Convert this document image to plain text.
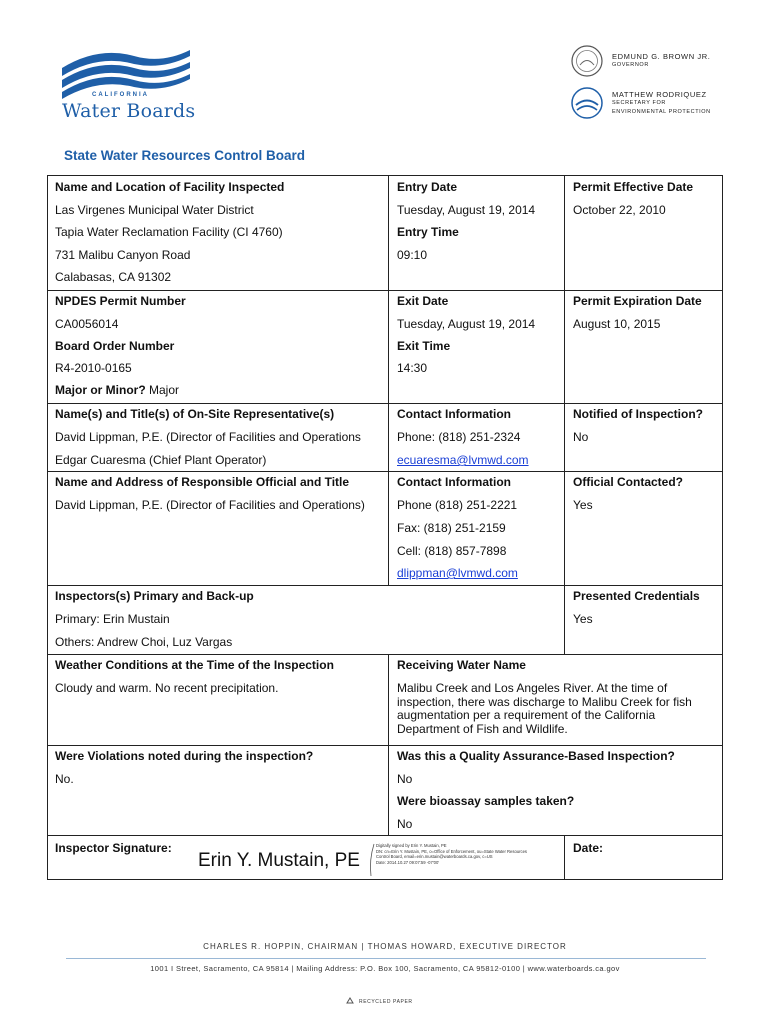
CALIFORNIA
Water Boards
EDMUND G. BROWN JR.
GOVERNOR
MATTHEW RODRIQUEZ
SECRETARY FOR
ENVIRONMENTAL PROTECTION
State Water Resources Control Board
Name and Location of Facility Inspected
Las Virgenes Municipal Water District
Tapia Water Reclamation Facility (CI 4760)
731 Malibu Canyon Road
Calabasas, CA 91302
Entry Date
Tuesday, August 19, 2014
Entry Time
09:10
Permit Effective Date
October 22, 2010
NPDES Permit Number
CA0056014
Board Order Number
R4-2010-0165
Major or Minor? Major
Exit Date
Tuesday, August 19, 2014
Exit Time
14:30
Permit Expiration Date
August 10, 2015
Name(s) and Title(s) of On-Site Representative(s)
David Lippman, P.E. (Director of Facilities and Operations
Edgar Cuaresma (Chief Plant Operator)
Contact Information
Phone: (818) 251-2324
ecuaresma@lvmwd.com
Notified of Inspection?
No
Name and Address of Responsible Official and Title
David Lippman, P.E. (Director of Facilities and Operations)
Contact Information
Phone (818) 251-2221
Fax: (818) 251-2159
Cell: (818) 857-7898
dlippman@lvmwd.com
Official Contacted?
Yes
Inspectors(s) Primary and Back-up
Primary: Erin Mustain
Others: Andrew Choi, Luz Vargas
Presented Credentials
Yes
Weather Conditions at the Time of the Inspection
Cloudy and warm. No recent precipitation.
Receiving Water Name
Malibu Creek and Los Angeles River. At the time of inspection, there was discharge to Malibu Creek for fish augmentation per a requirement of the California Department of Fish and Wildlife.
Were Violations noted during the inspection?
No.
Was this a Quality Assurance-Based Inspection?
No
Were bioassay samples taken?
No
Inspector Signature:
Erin Y. Mustain, PE
Digitally signed by Erin Y. Mustain, PE
DN: cn=Erin Y. Mustain, PE, o=Office of Enforcement, ou=State Water Resources
Control Board, email=erin.mustain@waterboards.ca.gov, c=US
Date: 2014.10.27 09:07:59 -07'00'
Date:
CHARLES R. HOPPIN, CHAIRMAN | THOMAS HOWARD, EXECUTIVE DIRECTOR
1001 I Street, Sacramento, CA 95814 | Mailing Address: P.O. Box 100, Sacramento, CA 95812-0100 | www.waterboards.ca.gov
RECYCLED PAPER
